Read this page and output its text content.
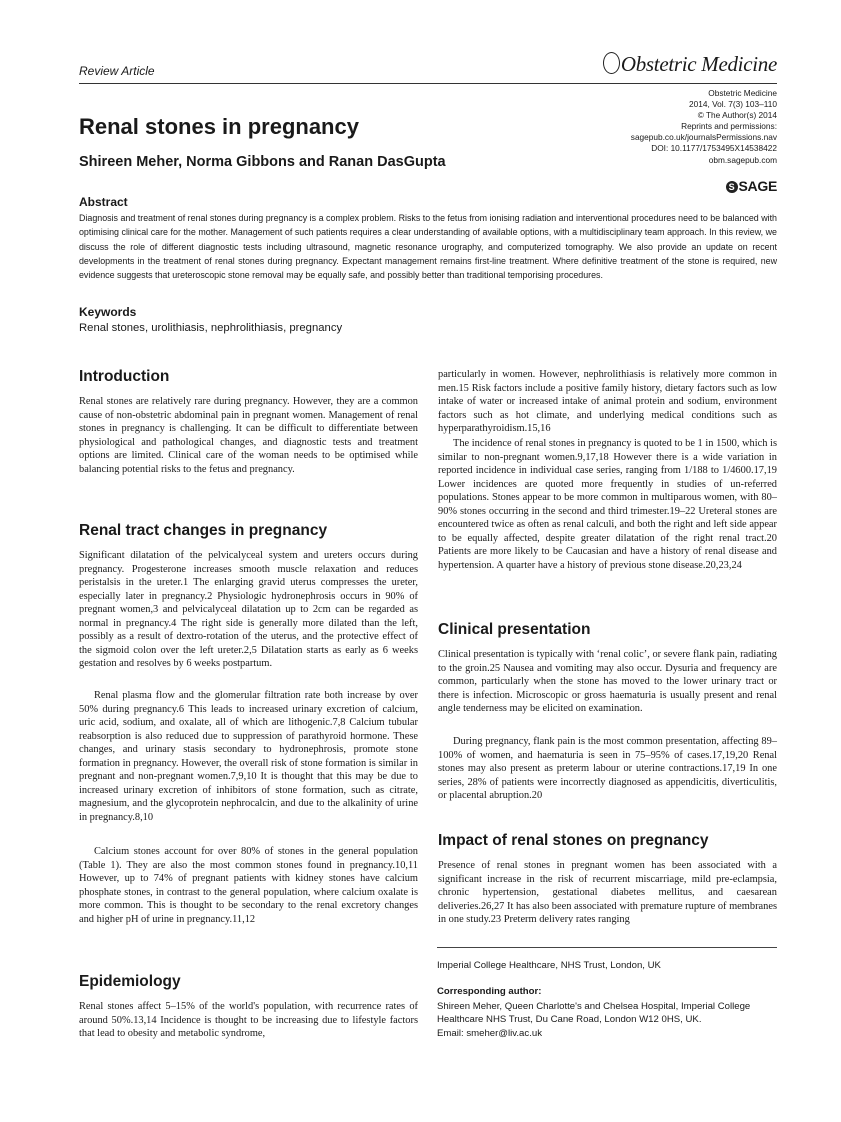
Review Article	Obstetric Medicine
Obstetric Medicine
2014, Vol. 7(3) 103–110
© The Author(s) 2014
Reprints and permissions:
sagepub.co.uk/journalsPermissions.nav
DOI: 10.1177/1753495X14538422
obm.sagepub.com
S SAGE
Renal stones in pregnancy
Shireen Meher, Norma Gibbons and Ranan DasGupta
Abstract
Diagnosis and treatment of renal stones during pregnancy is a complex problem. Risks to the fetus from ionising radiation and interventional procedures need to be balanced with optimising clinical care for the mother. Management of such patients requires a clear understanding of available options, with a multidisciplinary team approach. In this review, we discuss the role of different diagnostic tests including ultrasound, magnetic resonance urography, and computerized tomography. We also provide an update on recent developments in the treatment of renal stones during pregnancy. Expectant management remains first-line treatment. Where definitive treatment of the stone is required, new evidence suggests that ureteroscopic stone removal may be equally safe, and possibly better than traditional temporising procedures.
Keywords
Renal stones, urolithiasis, nephrolithiasis, pregnancy
Introduction

Renal stones are relatively rare during pregnancy. However, they are a common cause of non-obstetric abdominal pain in pregnant women. Management of renal stones in pregnancy is challenging. It can be difficult to differentiate between physiological and pathological changes, and diagnostic tests and treatment options are limited. Clinical care of the woman needs to be optimised while balancing potential risks to the fetus and pregnancy.

Renal tract changes in pregnancy

Significant dilatation of the pelvicalyceal system and ureters occurs during pregnancy. Progesterone increases smooth muscle relaxation and reduces peristalsis in the ureter.1 The enlarging gravid uterus compresses the ureter, especially later in pregnancy.2 Physiologic hydronephrosis occurs in 90% of pregnant women,3 and pelvicalyceal dilatation up to 2cm can be regarded as normal in pregnancy.4 The right side is generally more dilated than the left, possibly as a result of dextro-rotation of the uterus, and the protective effect of the sigmoid colon over the left ureter.2,5 Dilatation starts as early as 6 weeks gestation and resolves by 6 weeks postpartum.

Renal plasma flow and the glomerular filtration rate both increase by over 50% during pregnancy.6 This leads to increased urinary excretion of calcium, uric acid, sodium, and oxalate, all of which are lithogenic.7,8 Calcium tubular reabsorption is also reduced due to suppression of parathyroid hormone. These changes, and urinary stasis secondary to hydronephrosis, promote stone formation in pregnancy. However, the overall risk of stone formation is similar in pregnant and non-pregnant women.7,9,10 It is thought that this may be due to increased urinary excretion of inhibitors of stone formation, such as citrate, magnesium, and the glycoprotein nephrocalcin, and due to the alkalinity of urine in pregnancy.8,10

Calcium stones account for over 80% of stones in the general population (Table 1). They are also the most common stones found in pregnancy.10,11 However, up to 74% of pregnant patients with kidney stones have calcium phosphate stones, in contrast to the general population, where calcium oxalate is more common. This is thought to be secondary to the renal excretory changes and higher pH of urine in pregnancy.11,12

Epidemiology

Renal stones affect 5–15% of the world's population, with recurrence rates of around 50%.13,14 Incidence is thought to be increasing due to lifestyle factors that lead to obesity and metabolic syndrome,

particularly in women. However, nephrolithiasis is relatively more common in men.15 Risk factors include a positive family history, dietary factors such as low intake of water or increased intake of animal protein and sodium, environment factors such as hot climate, and underlying medical conditions such as hyperparathyroidism.15,16

The incidence of renal stones in pregnancy is quoted to be 1 in 1500, which is similar to non-pregnant women.9,17,18 However there is a wide variation in reported incidence in individual case series, ranging from 1/188 to 1/4600.17,19 Lower incidences are quoted more frequently in studies of un-referred populations. Stones appear to be more common in multiparous women, with 80–90% stones occurring in the second and third trimester.19–22 Ureteral stones are encountered twice as often as renal calculi, and both the right and left side appear to be equally affected, despite greater dilatation of the right renal tract.20 Patients are more likely to be Caucasian and have a history of renal disease and hypertension. A quarter have a history of previous stone disease.20,23,24

Clinical presentation

Clinical presentation is typically with ‘renal colic’, or severe flank pain, radiating to the groin.25 Nausea and vomiting may also occur. Dysuria and frequency are common, particularly when the stone has moved to the lower urinary tract or there is infection. Microscopic or gross haematuria is usually present and renal angle tenderness may be elicited on examination.

During pregnancy, flank pain is the most common presentation, affecting 89–100% of women, and haematuria is seen in 75–95% of cases.17,19,20 Renal stones may also present as preterm labour or uterine contractions.17,19 In one series, 28% of patients were incorrectly diagnosed as appendicitis, diverticulitis, or placental abruption.20

Impact of renal stones on pregnancy

Presence of renal stones in pregnant women has been associated with a significant increase in the risk of recurrent miscarriage, mild pre-eclampsia, chronic hypertension, gestational diabetes mellitus, and caesarean deliveries.26,27 It has also been associated with premature rupture of membranes in one study.23 Preterm delivery rates ranging

Imperial College Healthcare, NHS Trust, London, UK
Corresponding author:
Shireen Meher, Queen Charlotte's and Chelsea Hospital, Imperial College Healthcare NHS Trust, Du Cane Road, London W12 0HS, UK.
Email: smeher@liv.ac.uk
